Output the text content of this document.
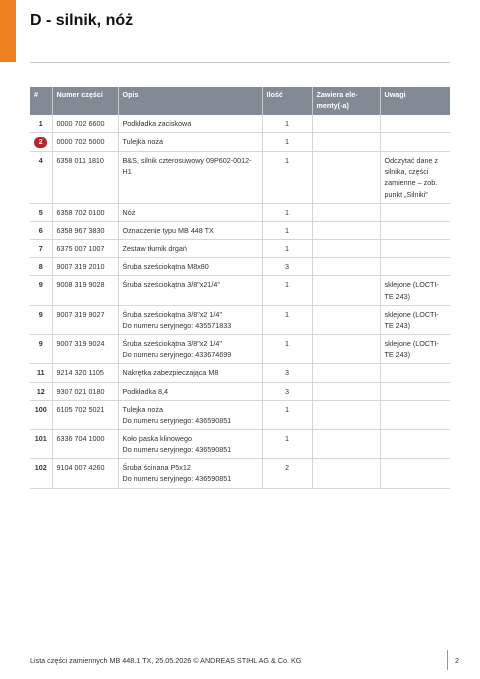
D - silnik, nóż
#	Numer części	Opis	Ilość	Zawiera ele-menty(-a)	Uwagi
1	0000 702 6600	Podkładka zaciskowa	1		
2	0000 702 5000	Tulejka noża	1		
4	6358 011 1810	B&S, silnik czterosuwowy 09P602-0012-H1	1		Odczytać dane z silnika, części zamienne – zob. punkt „Silniki”

5	6358 702 0100	Nóż	1		
6	6358 967 3830	Oznaczenie typu MB 448 TX	1		
7	6375 007 1007	Zestaw tłumik drgań	1		
8	9007 319 2010	Śruba sześciokątna M8x80	3		
9	9008 319 9028	Śruba sześciokątna 3/8"x21/4"	1		sklejone (LOCTI-TE 243)

9	9007 319 9027	Śruba sześciokątna 3/8"x2 1/4"
Do numeru seryjnego: 435571833	1		sklejone (LOCTI-TE 243)

9	9007 319 9024	Śruba sześciokątna 3/8"x2 1/4"
Do numeru seryjnego: 433674699	1		sklejone (LOCTI-TE 243)

11	9214 320 1105	Nakrętka zabezpieczająca M8	3		
12	9307 021 0180	Podkładka 8,4	3		
100	6105 702 5021	Tulejka noża
Do numeru seryjnego: 436590851	1		
101	6336 704 1000	Koło paska klinowego
Do numeru seryjnego: 436590851	1		
102	9104 007 4260	Śruba ścinana P5x12
Do numeru seryjnego: 436590851	2		
Lista części zamiennych MB 448.1 TX, 25.05.2026 © ANDREAS STIHL AG & Co. KG	2
